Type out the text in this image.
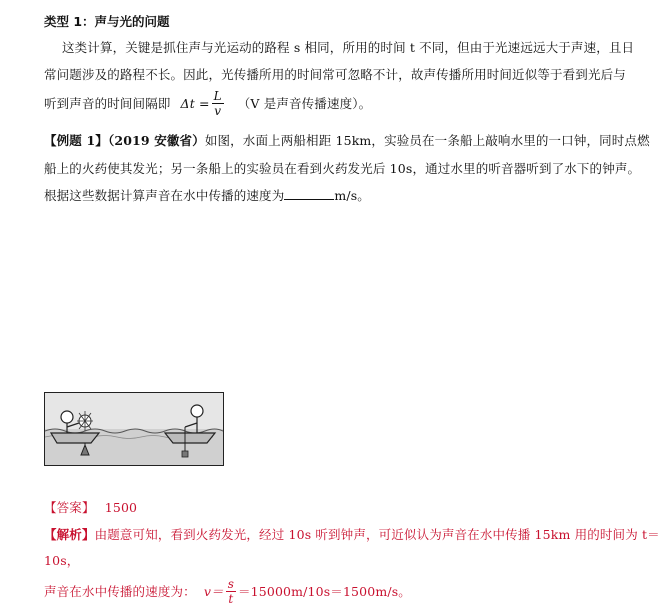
类型 1：声与光的问题
这类计算，关键是抓住声与光运动的路程 s 相同，所用的时间 t 不同，但由于光速远远大于声速，且日
常问题涉及的路程不长。因此，光传播所用的时间常可忽略不计，故声传播所用时间近似等于看到光后与
听到声音的时间间隔即 $\Delta t = \frac{L}{v} (V$ 是声音传播速度）。
【例题 1】（2019 安徽省）如图，水面上两船相距 15km，实验员在一条船上敲响水里的一口钟，同时点燃
船上的火药使其发光；另一条船上的实验员在看到火药发光后 10s，通过水里的听音器听到了水下的钟声。
根据这些数据计算声音在水中传播的速度为	m/s。
【答案】 1500
【解析】由题意可知，看到火药发光，经过 10s 听到钟声，可近似认为声音在水中传播 15km 用的时间为 t＝
10s，
声音在水中传播的速度为： $v= \frac{s}{t} =15000m/10s=1500m/s$。
